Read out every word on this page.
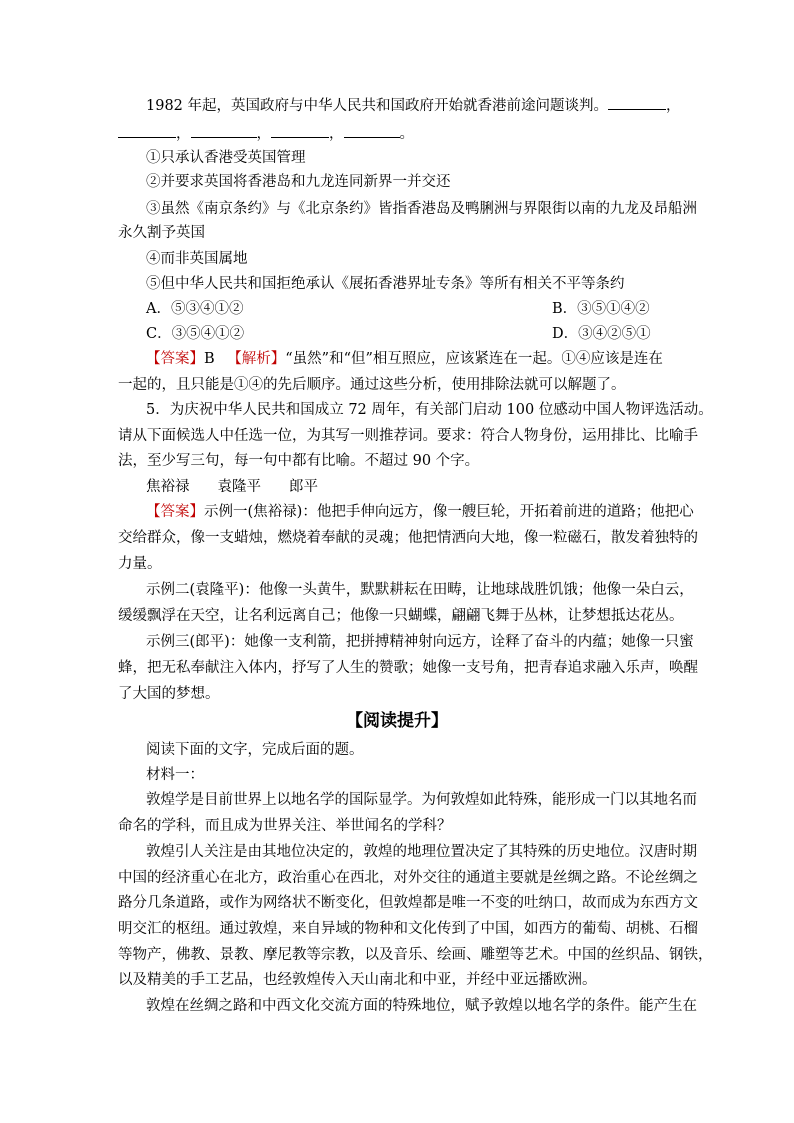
1982 年起，英国政府与中华人民共和国政府开始就香港前途问题谈判。	，
，	，	，	。
①只承认香港受英国管理
②并要求英国将香港岛和九龙连同新界一并交还
③虽然《南京条约》与《北京条约》皆指香港岛及鸭脷洲与界限街以南的九龙及昂船洲
永久割予英国
④而非英国属地
⑤但中华人民共和国拒绝承认《展拓香港界址专条》等所有相关不平等条约
A．⑤③④①②	B．③⑤①④②
C．③⑤④①②	D．③④②⑤①
【答案】B 【解析】“虽然”和“但”相互照应，应该紧连在一起。①④应该是连在
一起的，且只能是①④的先后顺序。通过这些分析，使用排除法就可以解题了。
5．为庆祝中华人民共和国成立 72 周年，有关部门启动 100 位感动中国人物评选活动。
请从下面候选人中任选一位，为其写一则推荐词。要求：符合人物身份，运用排比、比喻手
法，至少写三句，每一句中都有比喻。不超过 90 个字。
焦裕禄 袁隆平 郎平
【答案】示例一(焦裕禄)：他把手伸向远方，像一艘巨轮，开拓着前进的道路；他把心
交给群众，像一支蜡烛，燃烧着奉献的灵魂；他把情洒向大地，像一粒磁石，散发着独特的
力量。
示例二(袁隆平)：他像一头黄牛，默默耕耘在田畴，让地球战胜饥饿；他像一朵白云，
缓缓飘浮在天空，让名利远离自己；他像一只蝴蝶，翩翩飞舞于丛林，让梦想抵达花丛。
示例三(郎平)：她像一支利箭，把拼搏精神射向远方，诠释了奋斗的内蕴；她像一只蜜
蜂，把无私奉献注入体内，抒写了人生的赞歌；她像一支号角，把青春追求融入乐声，唤醒
了大国的梦想。
【阅读提升】
阅读下面的文字，完成后面的题。
材料一：
敦煌学是目前世界上以地名学的国际显学。为何敦煌如此特殊，能形成一门以其地名而
命名的学科，而且成为世界关注、举世闻名的学科？
敦煌引人关注是由其地位决定的，敦煌的地理位置决定了其特殊的历史地位。汉唐时期
中国的经济重心在北方，政治重心在西北，对外交往的通道主要就是丝绸之路。不论丝绸之
路分几条道路，或作为网络状不断变化，但敦煌都是唯一不变的吐纳口，故而成为东西方文
明交汇的枢纽。通过敦煌，来自异域的物种和文化传到了中国，如西方的葡萄、胡桃、石榴
等物产，佛教、景教、摩尼教等宗教，以及音乐、绘画、雕塑等艺术。中国的丝织品、钢铁，
以及精美的手工艺品，也经敦煌传入天山南北和中亚，并经中亚远播欧洲。
敦煌在丝绸之路和中西文化交流方面的特殊地位，赋予敦煌以地名学的条件。能产生在
